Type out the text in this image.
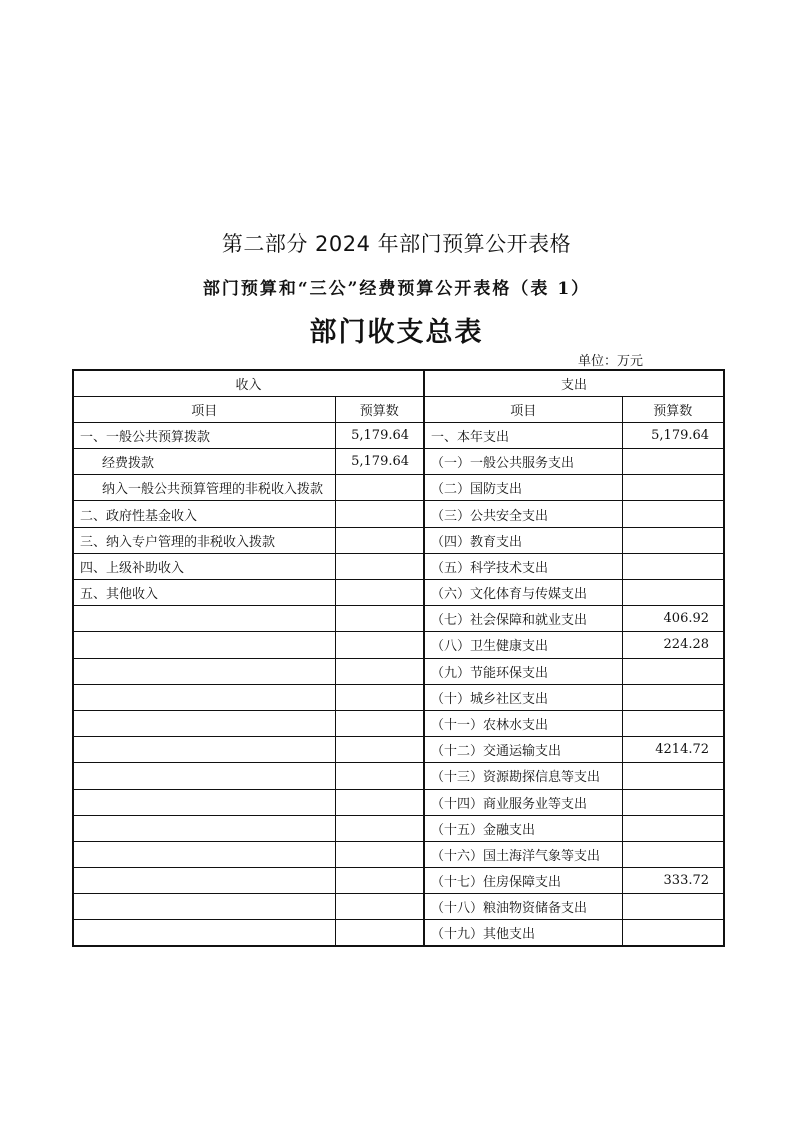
第二部分 2024 年部门预算公开表格
部门预算和“三公”经费预算公开表格（表 1）
部门收支总表
单位：万元
收入		支出	
项目	预算数	项目	预算数
一、一般公共预算拨款	5,179.64	一、本年支出	5,179.64
经费拨款	5,179.64	（一）一般公共服务支出	
纳入一般公共预算管理的非税收入拨款		（二）国防支出	
二、政府性基金收入		（三）公共安全支出	
三、纳入专户管理的非税收入拨款		（四）教育支出	
四、上级补助收入		（五）科学技术支出	
五、其他收入		（六）文化体育与传媒支出	
		（七）社会保障和就业支出	406.92
		（八）卫生健康支出	224.28
		（九）节能环保支出	
		（十）城乡社区支出	
		（十一）农林水支出	
		（十二）交通运输支出	4214.72
		（十三）资源勘探信息等支出	
		（十四）商业服务业等支出	
		（十五）金融支出	
		（十六）国土海洋气象等支出	
		（十七）住房保障支出	333.72
		（十八）粮油物资储备支出	
		（十九）其他支出	
